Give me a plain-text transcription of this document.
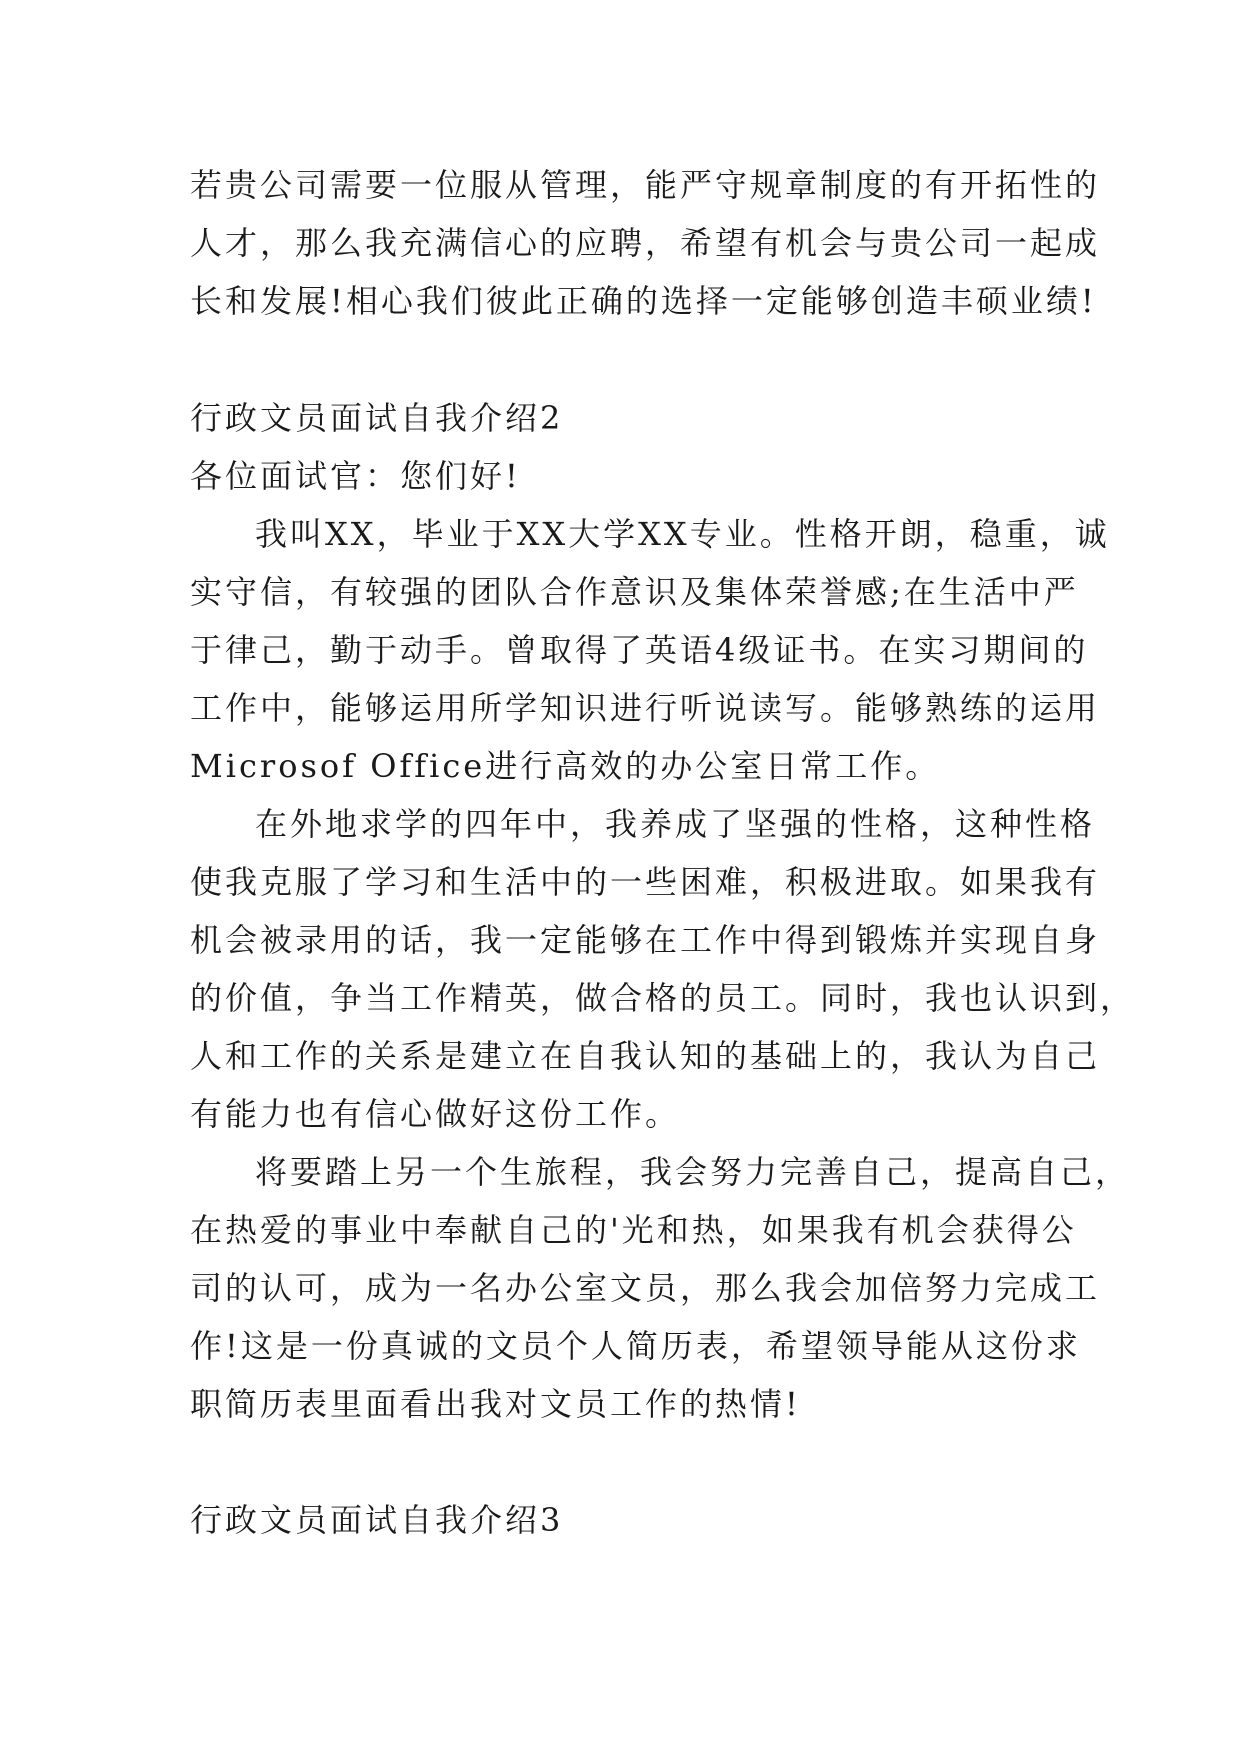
若贵公司需要一位服从管理，能严守规章制度的有开拓性的
人才，那么我充满信心的应聘，希望有机会与贵公司一起成
长和发展!相心我们彼此正确的选择一定能够创造丰硕业绩!
行政文员面试自我介绍2
各位面试官：您们好!
我叫XX，毕业于XX大学XX专业。性格开朗，稳重，诚
实守信，有较强的团队合作意识及集体荣誉感;在生活中严
于律己，勤于动手。曾取得了英语4级证书。在实习期间的
工作中，能够运用所学知识进行听说读写。能够熟练的运用
Microsof Office进行高效的办公室日常工作。
在外地求学的四年中，我养成了坚强的性格，这种性格
使我克服了学习和生活中的一些困难，积极进取。如果我有
机会被录用的话，我一定能够在工作中得到锻炼并实现自身
的价值，争当工作精英，做合格的员工。同时，我也认识到，
人和工作的关系是建立在自我认知的基础上的，我认为自己
有能力也有信心做好这份工作。
将要踏上另一个生旅程，我会努力完善自己，提高自己，
在热爱的事业中奉献自己的'光和热，如果我有机会获得公
司的认可，成为一名办公室文员，那么我会加倍努力完成工
作!这是一份真诚的文员个人简历表，希望领导能从这份求
职简历表里面看出我对文员工作的热情!
行政文员面试自我介绍3
